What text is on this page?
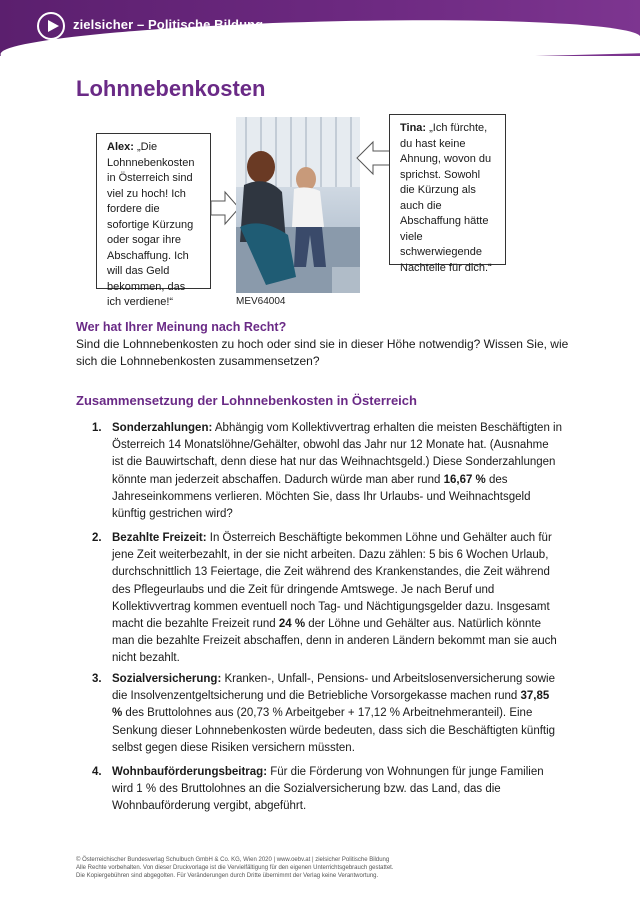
zielsicher – Politische Bildung
Lohnnebenkosten
Alex: „Die Lohnnebenkosten in Österreich sind viel zu hoch! Ich fordere die sofortige Kürzung oder sogar ihre Abschaffung. Ich will das Geld bekommen, das ich verdiene!“	MEV64004
Tina: „Ich fürchte, du hast keine Ahnung, wovon du sprichst. Sowohl die Kürzung als auch die Abschaffung hätte viele schwerwiegende Nachteile für dich.“
Wer hat Ihrer Meinung nach Recht?
Sind die Lohnnebenkosten zu hoch oder sind sie in dieser Höhe notwendig? Wissen Sie, wie sich die Lohnnebenkosten zusammensetzen?
Zusammensetzung der Lohnnebenkosten in Österreich
1. Sonderzahlungen: Abhängig vom Kollektivvertrag erhalten die meisten Beschäftigten in Österreich 14 Monatslöhne/Gehälter, obwohl das Jahr nur 12 Monate hat. (Ausnahme ist die Bauwirtschaft, denn diese hat nur das Weihnachtsgeld.) Diese Sonderzahlungen könnte man jederzeit abschaffen. Dadurch würde man aber rund 16,67 % des Jahreseinkommens verlieren. Möchten Sie, dass Ihr Urlaubs- und Weihnachtsgeld künftig gestrichen wird?
2. Bezahlte Freizeit: In Österreich Beschäftigte bekommen Löhne und Gehälter auch für jene Zeit weiterbezahlt, in der sie nicht arbeiten. Dazu zählen: 5 bis 6 Wochen Urlaub, durchschnittlich 13 Feiertage, die Zeit während des Krankenstandes, die Zeit während des Pflegeurlaubs und die Zeit für dringende Amtswege. Je nach Beruf und Kollektivvertrag kommen eventuell noch Tag- und Nächtigungsgelder dazu. Insgesamt macht die bezahlte Freizeit rund 24 % der Löhne und Gehälter aus. Natürlich könnte man die bezahlte Freizeit abschaffen, denn in anderen Ländern bekommt man sie auch nicht bezahlt.
3. Sozialversicherung: Kranken-, Unfall-, Pensions- und Arbeitslosenversicherung sowie die Insolvenzentgeltsicherung und die Betriebliche Vorsorgekasse machen rund 37,85 % des Bruttolohnes aus (20,73 % Arbeitgeber + 17,12 % Arbeitnehmeranteil). Eine Senkung dieser Lohnnebenkosten würde bedeuten, dass sich die Beschäftigten künftig selbst gegen diese Risiken versichern müssten.
4. Wohnbauförderungsbeitrag: Für die Förderung von Wohnungen für junge Familien wird 1 % des Bruttolohnes an die Sozialversicherung bzw. das Land, das die Wohnbauförderung vergibt, abgeführt.
© Österreichischer Bundesverlag Schulbuch GmbH & Co. KG, Wien 2020 | www.oebv.at | zielsicher Politische Bildung
Alle Rechte vorbehalten. Von dieser Druckvorlage ist die Vervielfältigung für den eigenen Unterrichtsgebrauch gestattet.
Die Kopiergebühren sind abgegolten. Für Veränderungen durch Dritte übernimmt der Verlag keine Verantwortung.
